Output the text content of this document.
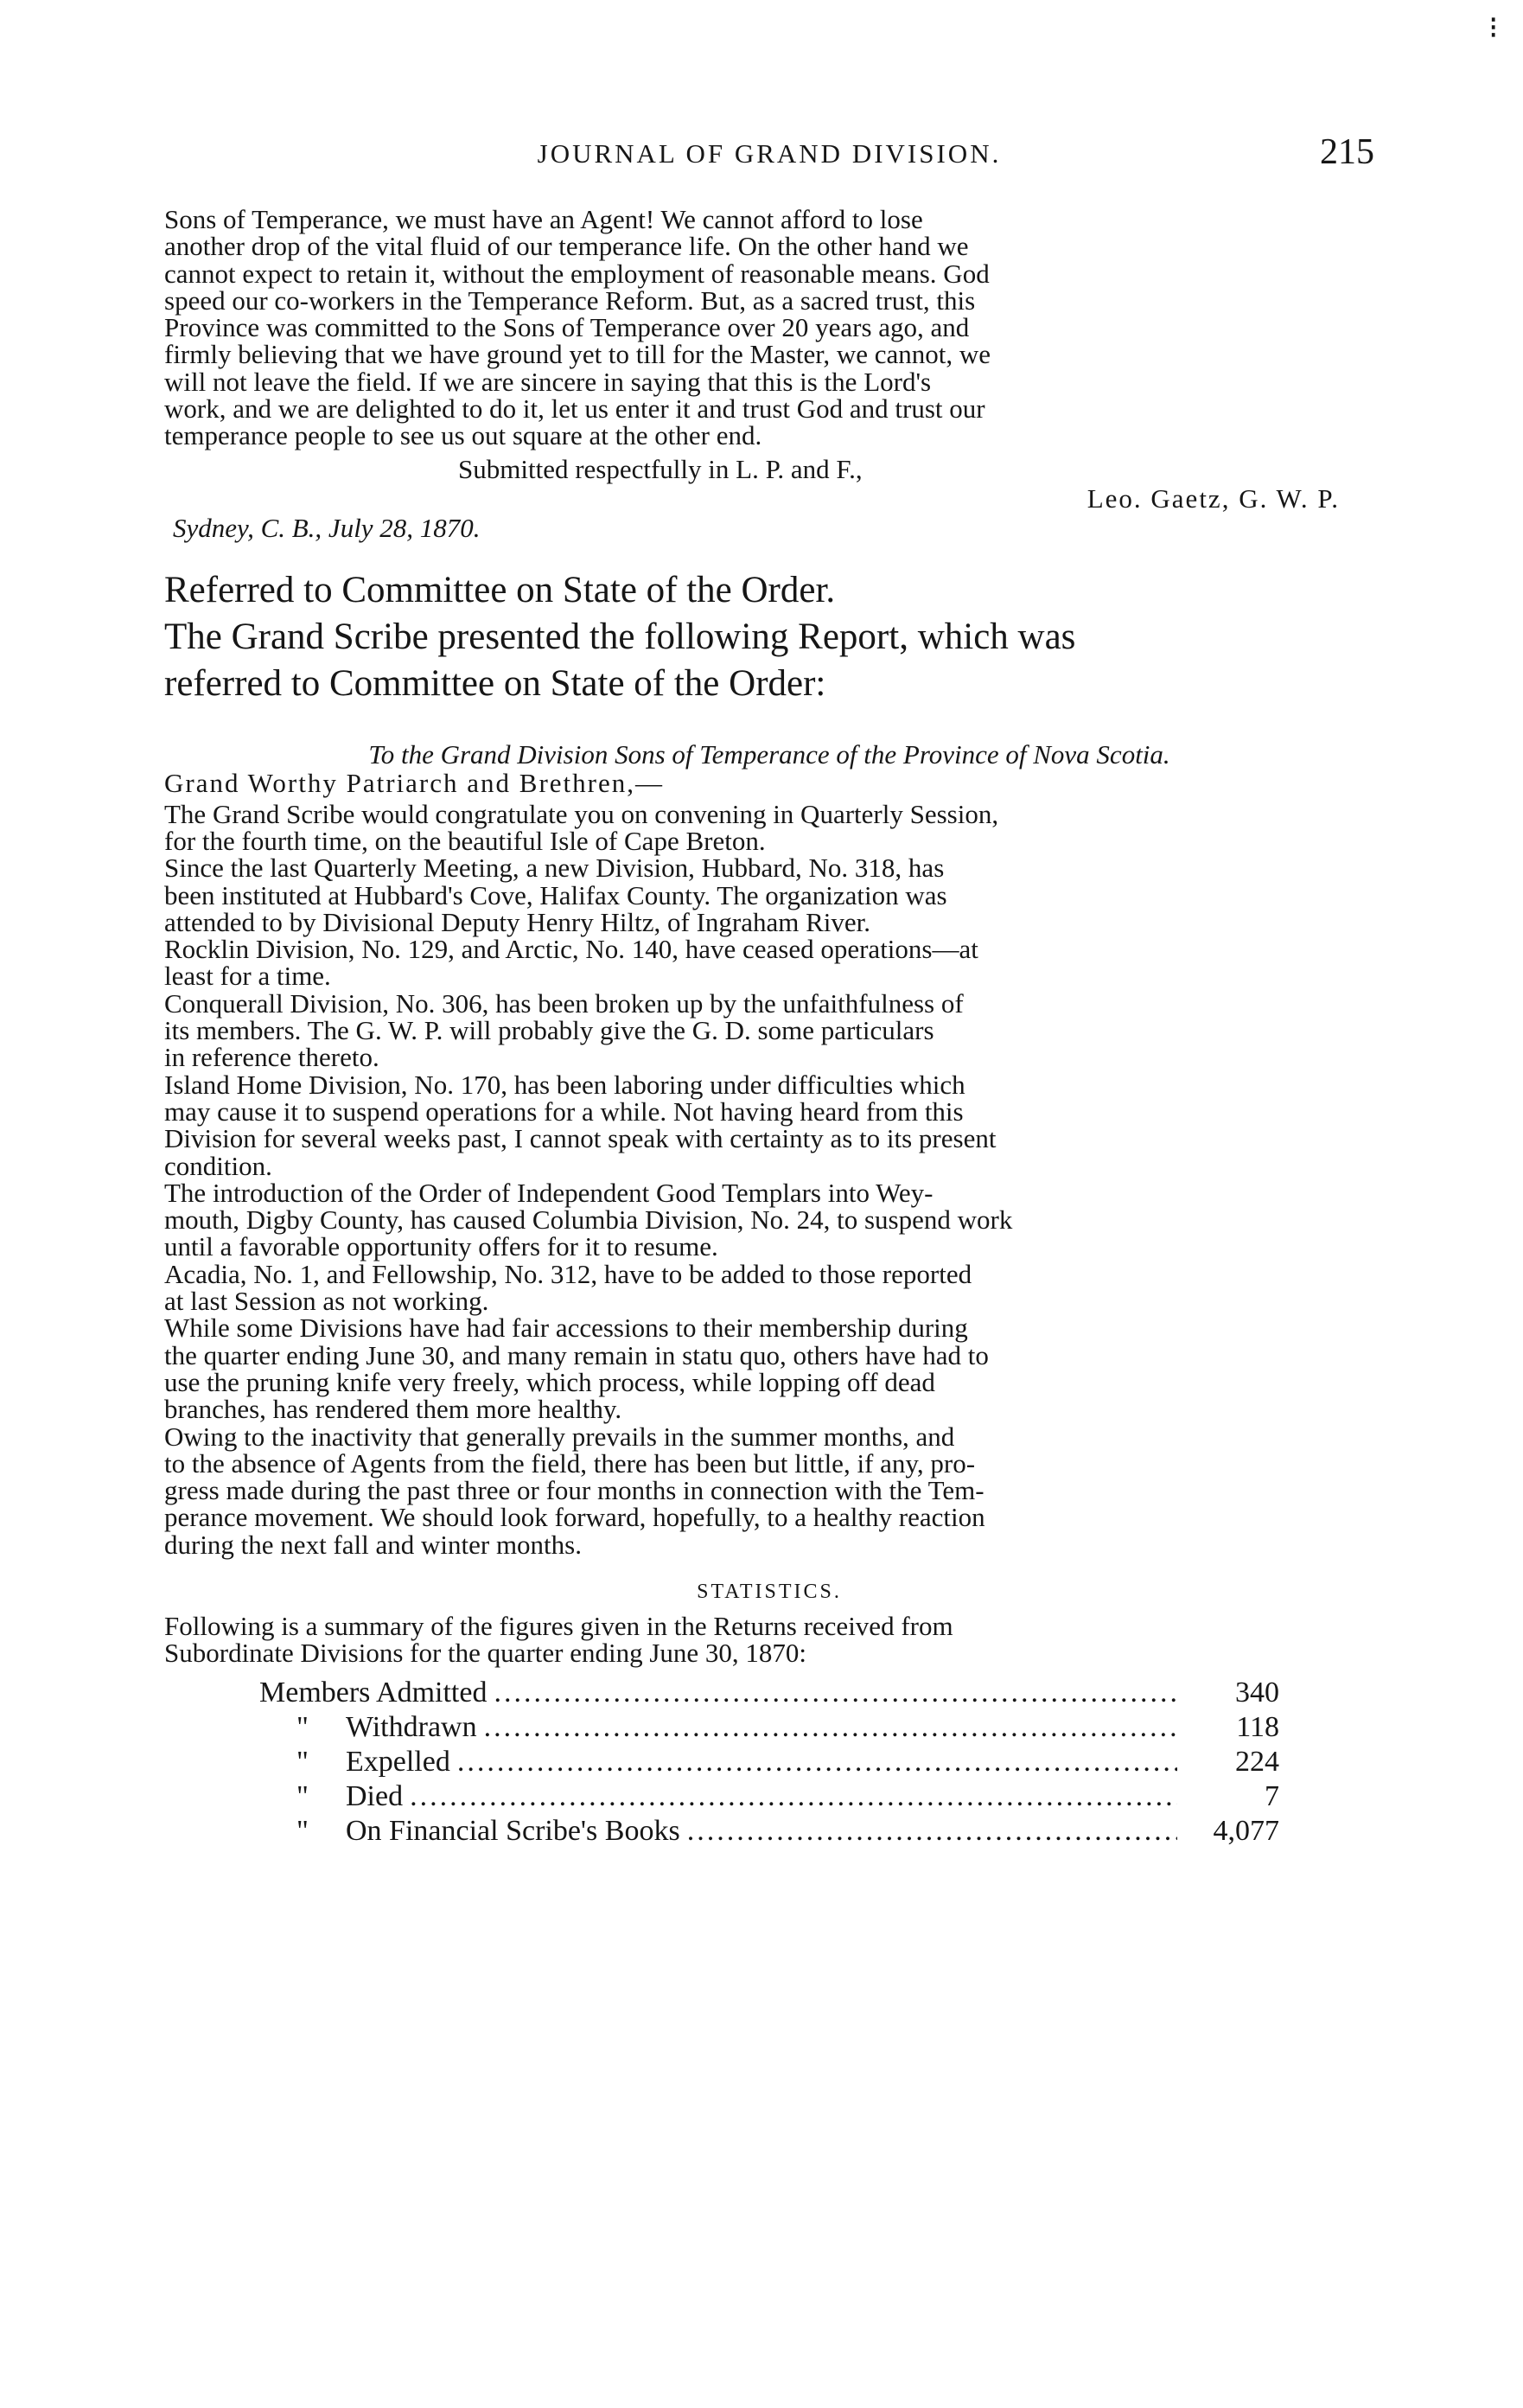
⁝
JOURNAL OF GRAND DIVISION.	215
Sons of Temperance, we must have an Agent! We cannot afford to lose
another drop of the vital fluid of our temperance life. On the other hand we
cannot expect to retain it, without the employment of reasonable means. God
speed our co-workers in the Temperance Reform. But, as a sacred trust, this
Province was committed to the Sons of Temperance over 20 years ago, and
firmly believing that we have ground yet to till for the Master, we cannot, we
will not leave the field. If we are sincere in saying that this is the Lord's
work, and we are delighted to do it, let us enter it and trust God and trust our
temperance people to see us out square at the other end.
Submitted respectfully in L. P. and F.,
Leo. Gaetz, G. W. P.
Sydney, C. B., July 28, 1870.
Referred to Committee on State of the Order.
The Grand Scribe presented the following Report, which was
referred to Committee on State of the Order:
To the Grand Division Sons of Temperance of the Province of Nova Scotia.
Grand Worthy Patriarch and Brethren,—
The Grand Scribe would congratulate you on convening in Quarterly Session,
for the fourth time, on the beautiful Isle of Cape Breton.
Since the last Quarterly Meeting, a new Division, Hubbard, No. 318, has
been instituted at Hubbard's Cove, Halifax County. The organization was
attended to by Divisional Deputy Henry Hiltz, of Ingraham River.
Rocklin Division, No. 129, and Arctic, No. 140, have ceased operations—at
least for a time.
Conquerall Division, No. 306, has been broken up by the unfaithfulness of
its members. The G. W. P. will probably give the G. D. some particulars
in reference thereto.
Island Home Division, No. 170, has been laboring under difficulties which
may cause it to suspend operations for a while. Not having heard from this
Division for several weeks past, I cannot speak with certainty as to its present
condition.
The introduction of the Order of Independent Good Templars into Wey-
mouth, Digby County, has caused Columbia Division, No. 24, to suspend work
until a favorable opportunity offers for it to resume.
Acadia, No. 1, and Fellowship, No. 312, have to be added to those reported
at last Session as not working.
While some Divisions have had fair accessions to their membership during
the quarter ending June 30, and many remain in statu quo, others have had to
use the pruning knife very freely, which process, while lopping off dead
branches, has rendered them more healthy.
Owing to the inactivity that generally prevails in the summer months, and
to the absence of Agents from the field, there has been but little, if any, pro-
gress made during the past three or four months in connection with the Tem-
perance movement. We should look forward, hopefully, to a healthy reaction
during the next fall and winter months.
STATISTICS.
Following is a summary of the figures given in the Returns received from
Subordinate Divisions for the quarter ending June 30, 1870:
Members Admitted .....	340
"	Withdrawn .....	118
"	Expelled .....	224
"	Died .....	7
"	On Financial Scribe's Books .....	4,077
